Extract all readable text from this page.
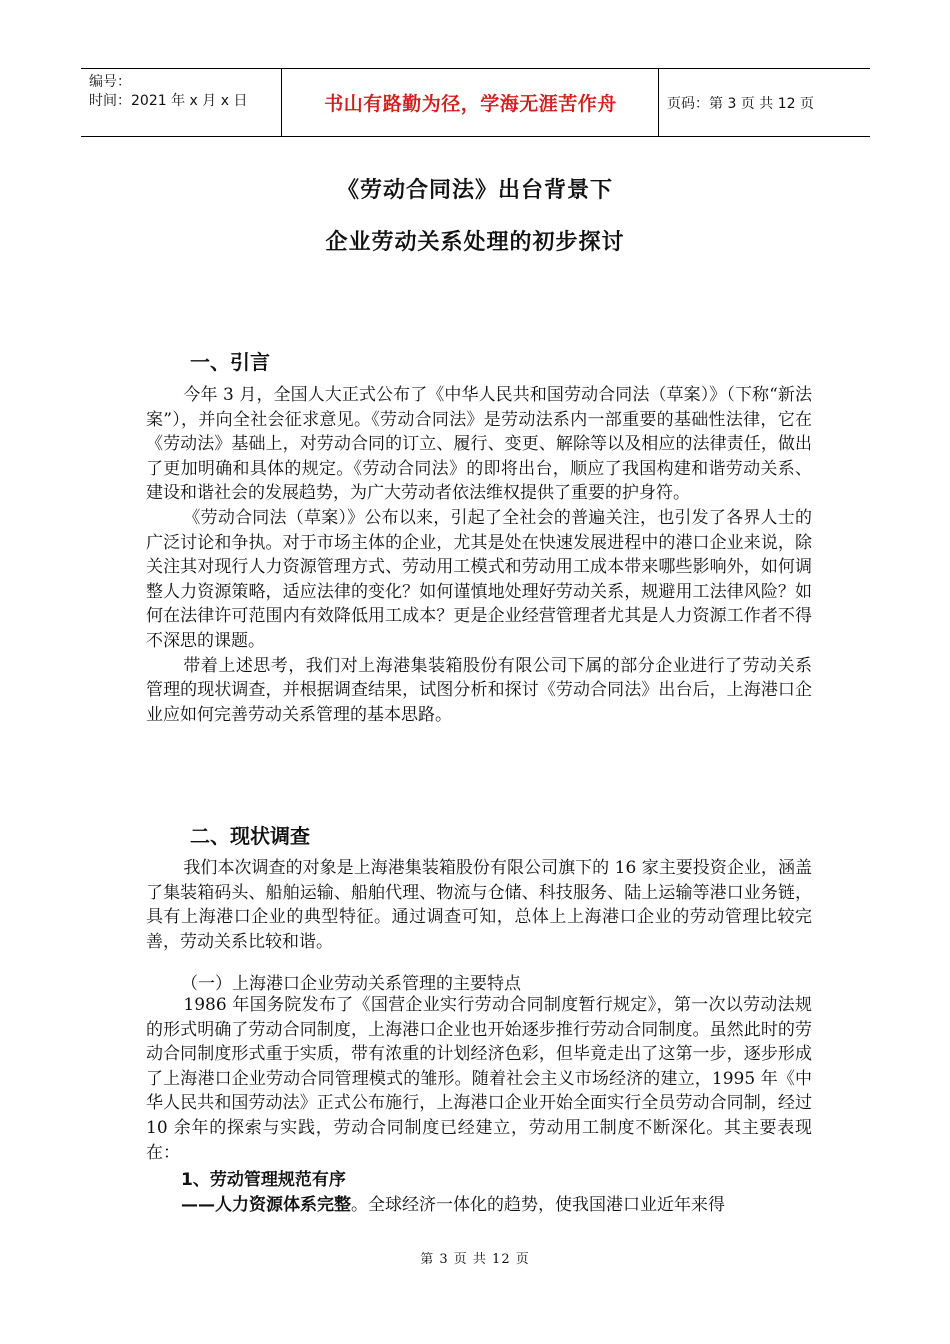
编号：
时间：2021 年 x 月 x 日	书山有路勤为径，学海无涯苦作舟	页码：第 3 页 共 12 页
《劳动合同法》出台背景下
企业劳动关系处理的初步探讨
一、引言

今年 3 月，全国人大正式公布了《中华人民共和国劳动合同法（草案）》（下称“新法案”），并向全社会征求意见。《劳动合同法》是劳动法系内一部重要的基础性法律，它在《劳动法》基础上，对劳动合同的订立、履行、变更、解除等以及相应的法律责任，做出了更加明确和具体的规定。《劳动合同法》的即将出台，顺应了我国构建和谐劳动关系、建设和谐社会的发展趋势，为广大劳动者依法维权提供了重要的护身符。

《劳动合同法（草案）》公布以来，引起了全社会的普遍关注，也引发了各界人士的广泛讨论和争执。对于市场主体的企业，尤其是处在快速发展进程中的港口企业来说，除关注其对现行人力资源管理方式、劳动用工模式和劳动用工成本带来哪些影响外，如何调整人力资源策略，适应法律的变化？如何谨慎地处理好劳动关系，规避用工法律风险？如何在法律许可范围内有效降低用工成本？更是企业经营管理者尤其是人力资源工作者不得不深思的课题。

带着上述思考，我们对上海港集装箱股份有限公司下属的部分企业进行了劳动关系管理的现状调查，并根据调查结果，试图分析和探讨《劳动合同法》出台后，上海港口企业应如何完善劳动关系管理的基本思路。

二、现状调查

我们本次调查的对象是上海港集装箱股份有限公司旗下的 16 家主要投资企业，涵盖了集装箱码头、船舶运输、船舶代理、物流与仓储、科技服务、陆上运输等港口业务链，具有上海港口企业的典型特征。通过调查可知，总体上上海港口企业的劳动管理比较完善，劳动关系比较和谐。

（一）上海港口企业劳动关系管理的主要特点

1986 年国务院发布了《国营企业实行劳动合同制度暂行规定》，第一次以劳动法规的形式明确了劳动合同制度，上海港口企业也开始逐步推行劳动合同制度。虽然此时的劳动合同制度形式重于实质，带有浓重的计划经济色彩，但毕竟走出了这第一步，逐步形成了上海港口企业劳动合同管理模式的雏形。随着社会主义市场经济的建立，1995 年《中华人民共和国劳动法》正式公布施行，上海港口企业开始全面实行全员劳动合同制，经过 10 余年的探索与实践，劳动合同制度已经建立，劳动用工制度不断深化。其主要表现在：

1、劳动管理规范有序
——人力资源体系完整。全球经济一体化的趋势，使我国港口业近年来得
第 3 页 共 12 页
